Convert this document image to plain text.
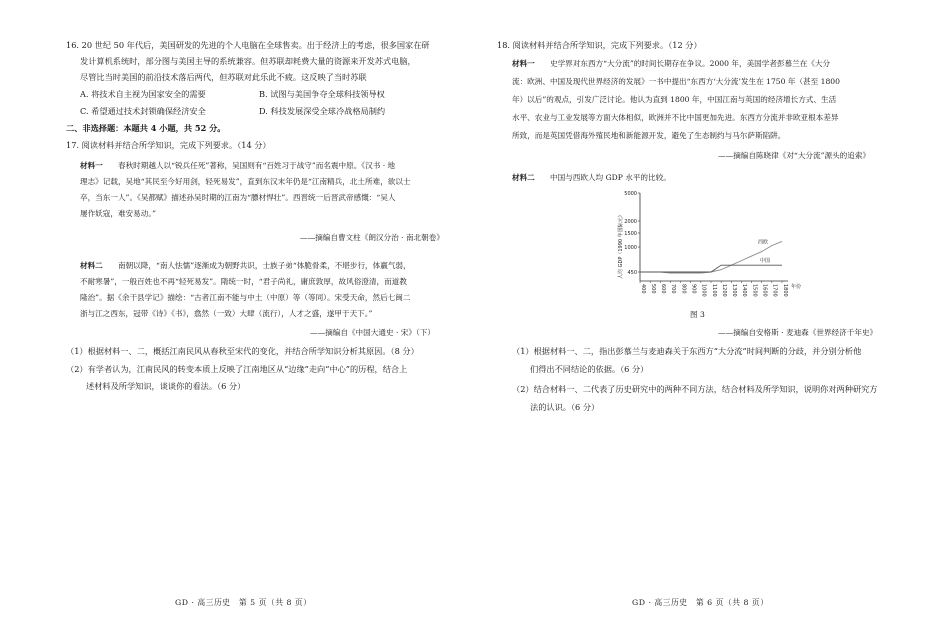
16. 20 世纪 50 年代后，美国研发的先进的个人电脑在全球售卖。出于经济上的考虑，很多国家在研
发计算机系统时，部分图与美国主导的系统兼容。但苏联却耗费大量的资源来开发苏式电脑，
尽管比当时美国的前沿技术落后两代，但苏联对此乐此不疲。这反映了当时苏联
A. 将技术自主视为国家安全的需要	B. 试图与美国争夺全球科技领导权
C. 希望通过技术封锁确保经济安全	D. 科技发展深受全球冷战格局制约
二、非选择题：本题共 4 小题，共 52 分。
17. 阅读材料并结合所学知识，完成下列要求。（14 分）
材料一 春秋时期越人以“锐兵任死”著称，吴国则有“百姓习于战守”而名震中原。《汉书 · 地
理志》记载，吴地“其民至今好用剑，轻死易发”，直到东汉末年仍是“江南精兵，北土所难，欲以士
卒，当东一人”。《吴都赋》描述孙吴时期的江南为“膘材悍壮”。西晋统一后晋武帝感慨：“吴人
屡作妖寇，难安易动。”
——摘编自曹文柱《朗汉分治 · 南北朝卷》
材料二 南朝以降，“南人怯懦”逐渐成为朝野共识，士族子弟“体脆骨柔，不堪步行，体羸气弱，
不耐寒暑”，一般百姓也不再“轻死易发”。隋统一时，“君子尚礼，庸庶敦厚，故风俗澄清，而道教
隆治”。据《余干县学记》描绘：“古者江南不能与中土（中原）等（等同）。宋受天命，然后七闽二
浙与江之西东，冠带《诗》《书》，翕然（一致）大肆（流行），人才之盛，遂甲于天下。”
——摘编自《中国大通史 · 宋》（下）
（1）根据材料一、二，概括江南民风从春秋至宋代的变化，并结合所学知识分析其原因。（8 分）
（2）有学者认为，江南民风的转变本质上反映了江南地区从“边缘”走向“中心”的历程，结合上
述材料及所学知识，谈谈你的看法。（6 分）
GD · 高三历史　第 5 页（共 8 页）
18. 阅读材料并结合所学知识，完成下列要求。（12 分）
材料一 史学界对东西方“大分流”的时间长期存在争议。2000 年，美国学者彭慕兰在《大分
流：欧洲、中国及现代世界经济的发展》一书中提出“东西方‘大分流’发生在 1750 年（甚至 1800
年）以后”的观点，引发广泛讨论。他认为直到 1800 年，中国江南与英国的经济增长方式、生活
水平、农业与工业发展等方面大体相似，欧洲并不比中国更加先进。东西方分流并非欧亚根本差异
所致，而是英国凭借海外殖民地和新能源开发，避免了生态制约与马尔萨斯陷阱。
——摘编自陈晓律《对“大分流”源头的追索》
材料二 中国与西欧人均 GDP 水平的比较。
450
1000
1500
2000
5000
人均 GDP（1990 年国际元）
400 500 600 700 800 900 1000 1100 1200 1300 1400 1500 1600 1700 1800 年份
西欧
中国
图 3
——摘编自安格斯 · 麦迪森《世界经济千年史》
（1）根据材料一、二，指出彭慕兰与麦迪森关于东西方“大分流”时间判断的分歧，并分别分析他
们得出不同结论的依据。（6 分）
（2）结合材料一、二代表了历史研究中的两种不同方法，结合材料及所学知识，说明你对两种研究方
法的认识。（6 分）
GD · 高三历史　第 6 页（共 8 页）
